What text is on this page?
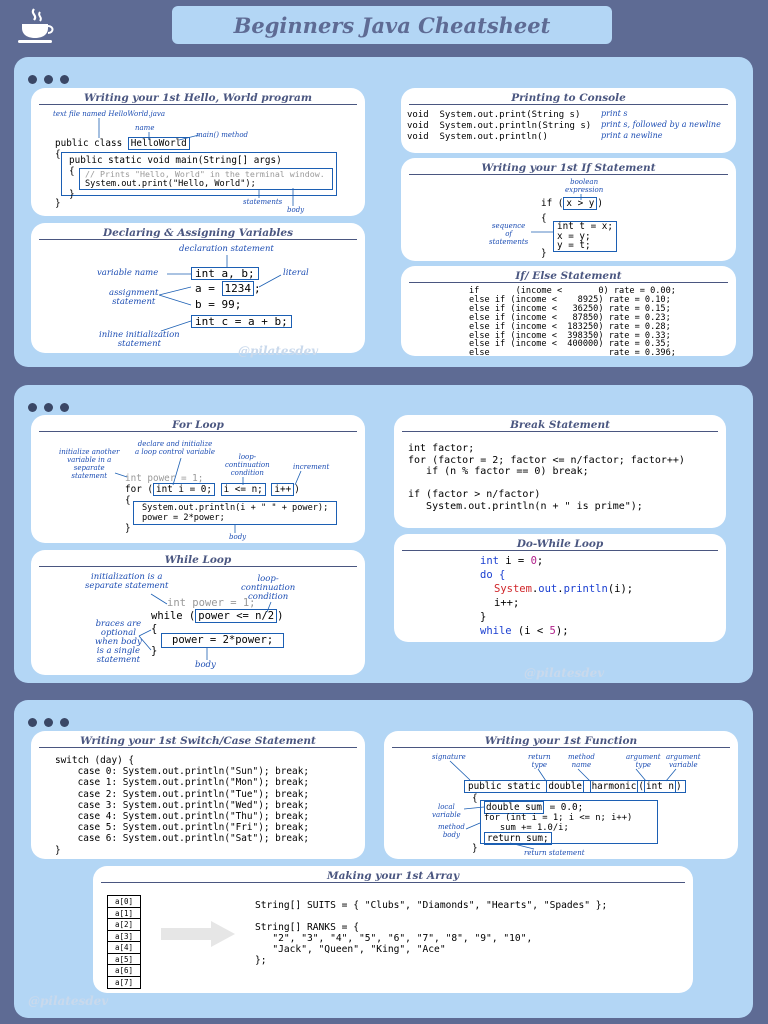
Beginners Java Cheatsheet
Writing your 1st Hello, World program
text file named HelloWorld.java
name
main() method
public class HelloWorld
{
public static void main(String[] args)
{ // Prints "Hello, World" in the terminal window.
System.out.print("Hello, World");
}
}	statements
body
Declaring & Assigning Variables
declaration statement
variable name	literal
assignment
statement
inline initialization
statement
int a, b;
a = 1234 ;
b = 99;
int c = a + b;
@pilatesdev
Printing to Console
void  System.out.print(String s)	print s
void  System.out.println(String s)	print s, followed by a newline
void  System.out.println()	print a newline
Writing your 1st If Statement
boolean
expression
if ( x > y )
{
sequence
of
statements
int t = x;
x = y;
y = t;
}
If/ Else Statement
if       (income <       0) rate = 0.00;
else if (income <    8925) rate = 0.10;
else if (income <   36250) rate = 0.15;
else if (income <   87850) rate = 0.23;
else if (income <  183250) rate = 0.28;
else if (income <  398350) rate = 0.33;
else if (income <  400000) rate = 0.35;
else                       rate = 0.396;
For Loop
initialize another
variable in a
separate
statement
declare and initialize
a loop control variable
loop-
continuation
condition
increment
int power = 1;
for ( int i = 0; i <= n; i++ )
{
System.out.println(i + " " + power);
power = 2*power;
}
body
While Loop
initialization is a
separate statement
loop-
continuation
condition
int power = 1;
while ( power <= n/2 )
braces are
optional
when body
is a single
statement
{
power = 2*power;
}
body
Break Statement
int factor;
for (factor = 2; factor <= n/factor; factor++)
if (n % factor == 0) break;

if (factor > n/factor)
System.out.println(n + " is prime");
Do-While Loop
int i = 0;
do {
System.out.println(i);
i++;
}
while (i < 5);
@pilatesdev
Writing your 1st Switch/Case Statement
switch (day) {
case 0: System.out.println("Sun"); break;
case 1: System.out.println("Mon"); break;
case 2: System.out.println("Tue"); break;
case 3: System.out.println("Wed"); break;
case 4: System.out.println("Thu"); break;
case 5: System.out.println("Fri"); break;
case 6: System.out.println("Sat"); break;
}
Writing your 1st Function
signature	return
type
method
name
argument
type
argument
variable
public static double harmonic ( int n )
{
double sum = 0.0;
for (int i = 1; i <= n; i++)
sum += 1.0/i;
return sum;
}
local
variable
method
body
return statement
Making your 1st Array
a[0]
a[1]
a[2]
a[3]
a[4]
a[5]
a[6]
a[7]
String[] SUITS = { "Clubs", "Diamonds", "Hearts", "Spades" };

String[] RANKS = {
"2", "3", "4", "5", "6", "7", "8", "9", "10",
"Jack", "Queen", "King", "Ace"
};
@pilatesdev
